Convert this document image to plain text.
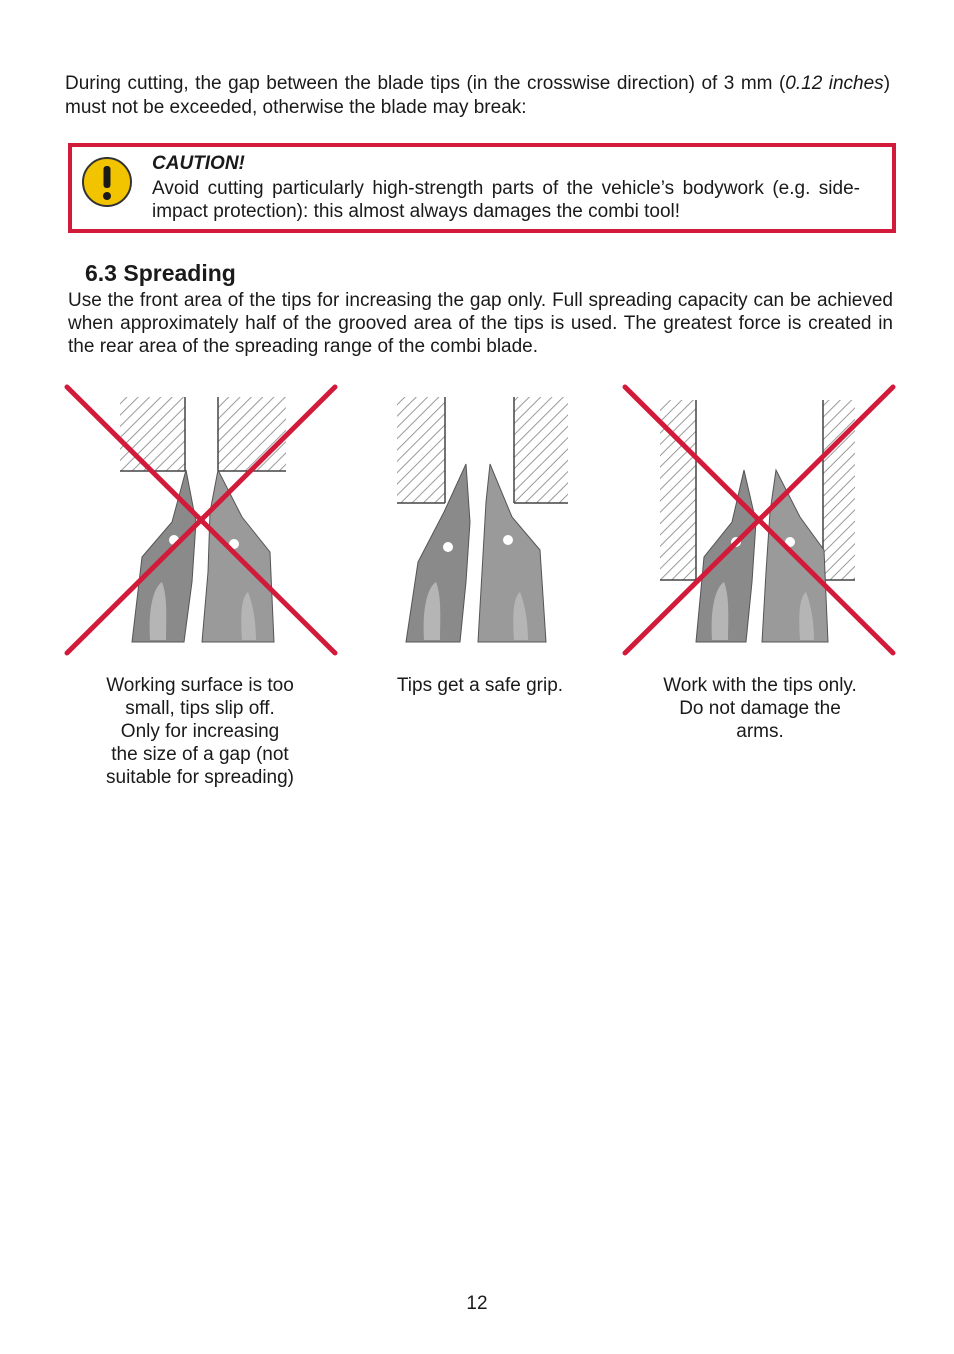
During cutting, the gap between the blade tips (in the crosswise direction) of 3 mm (0.12 inches) must not be exceeded, otherwise the blade may break:
CAUTION!
Avoid cutting particularly high-strength parts of the vehicle’s bodywork (e.g. side-impact protection): this almost always damages the combi tool!
6.3 Spreading
Use the front area of the tips for increasing the gap only. Full spreading capacity can be achieved when approximately half of the grooved area of the tips is used. The greatest force is created in the rear area of the spreading range of the combi blade.
Working surface is too
small, tips slip off.
Only for increasing
the size of a gap (not
suitable for spreading)
Tips get a safe grip.	Work with the tips only.
Do not damage the
arms.
12
